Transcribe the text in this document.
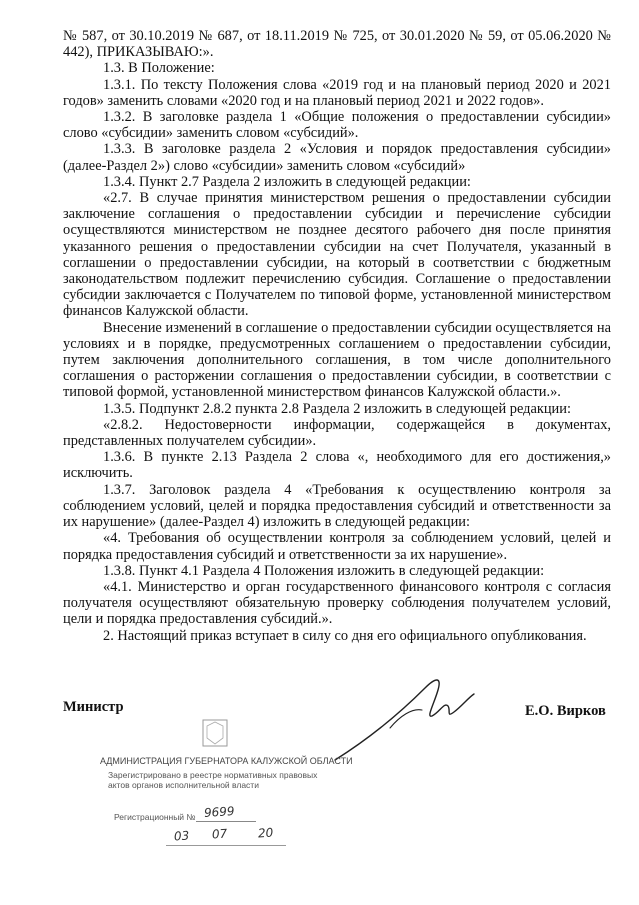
№ 587, от 30.10.2019 № 687, от 18.11.2019 № 725, от 30.01.2020 № 59, от 05.06.2020 № 442), ПРИКАЗЫВАЮ:».

1.3. В Положение:

1.3.1. По тексту Положения слова «2019 год и на плановый период 2020 и 2021 годов» заменить словами «2020 год и на плановый период 2021 и 2022 годов».

1.3.2. В заголовке раздела 1 «Общие положения о предоставлении субсидии» слово «субсидии» заменить словом «субсидий».

1.3.3. В заголовке раздела 2 «Условия и порядок предоставления субсидии» (далее-Раздел 2») слово «субсидии» заменить словом «субсидий»

1.3.4. Пункт 2.7 Раздела 2 изложить в следующей редакции:

«2.7. В случае принятия министерством решения о предоставлении субсидии заключение соглашения о предоставлении субсидии и перечисление субсидии осуществляются министерством не позднее десятого рабочего дня после принятия указанного решения о предоставлении субсидии на счет Получателя, указанный в соглашении о предоставлении субсидии, на который в соответствии с бюджетным законодательством подлежит перечислению субсидия. Соглашение о предоставлении субсидии заключается с Получателем по типовой форме, установленной министерством финансов Калужской области.

Внесение изменений в соглашение о предоставлении субсидии осуществляется на условиях и в порядке, предусмотренных соглашением о предоставлении субсидии, путем заключения дополнительного соглашения, в том числе дополнительного соглашения о расторжении соглашения о предоставлении субсидии, в соответствии с типовой формой, установленной министерством финансов Калужской области.».

1.3.5. Подпункт 2.8.2 пункта 2.8 Раздела 2 изложить в следующей редакции:

«2.8.2. Недостоверности информации, содержащейся в документах, представленных получателем субсидии».

1.3.6. В пункте 2.13 Раздела 2 слова «, необходимого для его достижения,» исключить.

1.3.7. Заголовок раздела 4 «Требования к осуществлению контроля за соблюдением условий, целей и порядка предоставления субсидий и ответственности за их нарушение» (далее-Раздел 4) изложить в следующей редакции:

«4. Требования об осуществлении контроля за соблюдением условий, целей и порядка предоставления субсидий и ответственности за их нарушение».

1.3.8. Пункт 4.1 Раздела 4 Положения изложить в следующей редакции:

«4.1. Министерство и орган государственного финансового контроля с согласия получателя осуществляют обязательную проверку соблюдения получателем условий, цели и порядка предоставления субсидий.».

2. Настоящий приказ вступает в силу со дня его официального опубликования.

Министр	Е.О. Вирков
АДМИНИСТРАЦИЯ ГУБЕРНАТОРА КАЛУЖСКОЙ ОБЛАСТИ
Зарегистрировано в реестре нормативных правовых
актов органов исполнительной власти
Регистрационный № 9699
03 07 20
